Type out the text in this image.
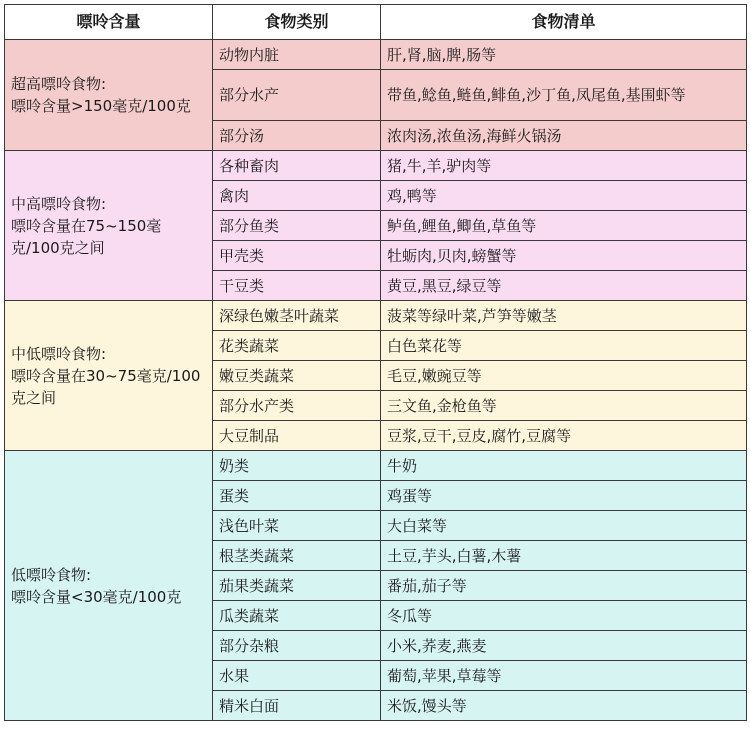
嘌呤含量	食物类别	食物清单

超高嘌呤食物:
嘌呤含量>150毫克/100克	动物内脏	肝,肾,脑,脾,肠等
	部分水产	带鱼,鲶鱼,鲢鱼,鲱鱼,沙丁鱼,凤尾鱼,基围虾等
	部分汤	浓肉汤,浓鱼汤,海鲜火锅汤

中高嘌呤食物:
嘌呤含量在75~150毫克/100克之间	各种畜肉	猪,牛,羊,驴肉等
	禽肉	鸡,鸭等
	部分鱼类	鲈鱼,鲤鱼,鲫鱼,草鱼等
	甲壳类	牡蛎肉,贝肉,螃蟹等
	干豆类	黄豆,黑豆,绿豆等

中低嘌呤食物:
嘌呤含量在30~75毫克/100克之间	深绿色嫩茎叶蔬菜	菠菜等绿叶菜,芦笋等嫩茎
	花类蔬菜	白色菜花等
	嫩豆类蔬菜	毛豆,嫩豌豆等
	部分水产类	三文鱼,金枪鱼等
	大豆制品	豆浆,豆干,豆皮,腐竹,豆腐等

低嘌呤食物:
嘌呤含量<30毫克/100克	奶类	牛奶
	蛋类	鸡蛋等
	浅色叶菜	大白菜等
	根茎类蔬菜	土豆,芋头,白薯,木薯
	茄果类蔬菜	番茄,茄子等
	瓜类蔬菜	冬瓜等
	部分杂粮	小米,荞麦,燕麦
	水果	葡萄,苹果,草莓等
	精米白面	米饭,馒头等
